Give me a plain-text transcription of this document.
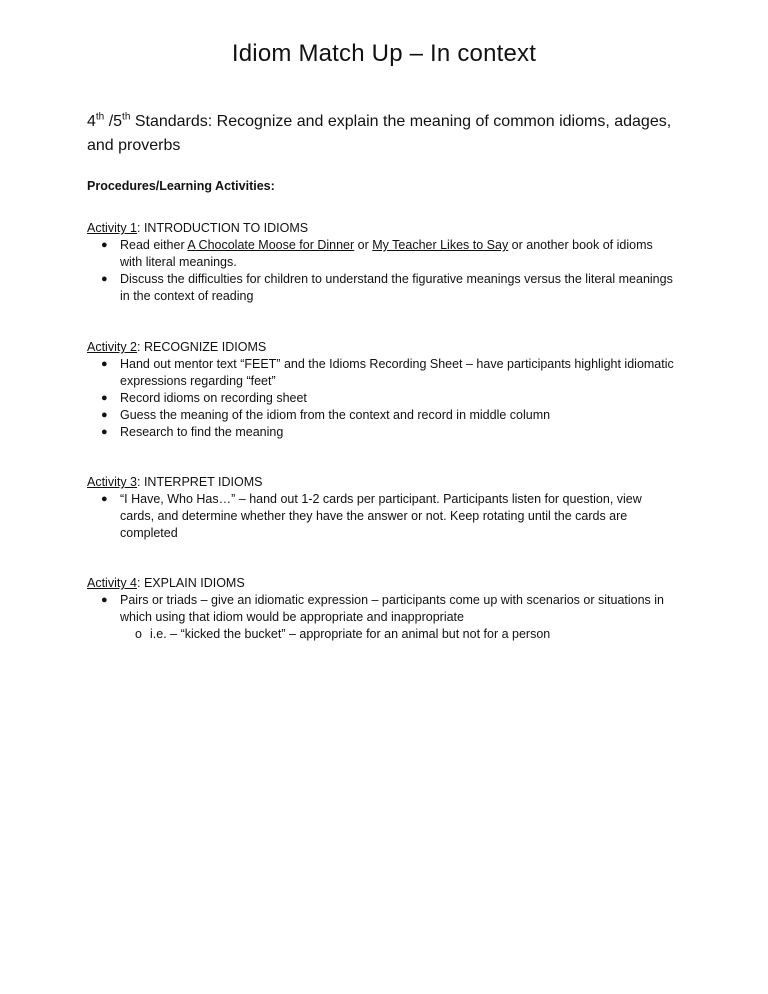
Idiom Match Up – In context
4th /5th Standards: Recognize and explain the meaning of common idioms, adages, and proverbs
Procedures/Learning Activities:
Activity 1: INTRODUCTION TO IDIOMS
● Read either A Chocolate Moose for Dinner or My Teacher Likes to Say or another book of idioms with literal meanings.
● Discuss the difficulties for children to understand the figurative meanings versus the literal meanings in the context of reading
Activity 2: RECOGNIZE IDIOMS
● Hand out mentor text “FEET” and the Idioms Recording Sheet – have participants highlight idiomatic expressions regarding “feet”
● Record idioms on recording sheet
● Guess the meaning of the idiom from the context and record in middle column
● Research to find the meaning
Activity 3: INTERPRET IDIOMS
● “I Have, Who Has…” – hand out 1-2 cards per participant. Participants listen for question, view cards, and determine whether they have the answer or not. Keep rotating until the cards are completed
Activity 4: EXPLAIN IDIOMS
● Pairs or triads – give an idiomatic expression – participants come up with scenarios or situations in which using that idiom would be appropriate and inappropriate
o i.e. – “kicked the bucket” – appropriate for an animal but not for a person
